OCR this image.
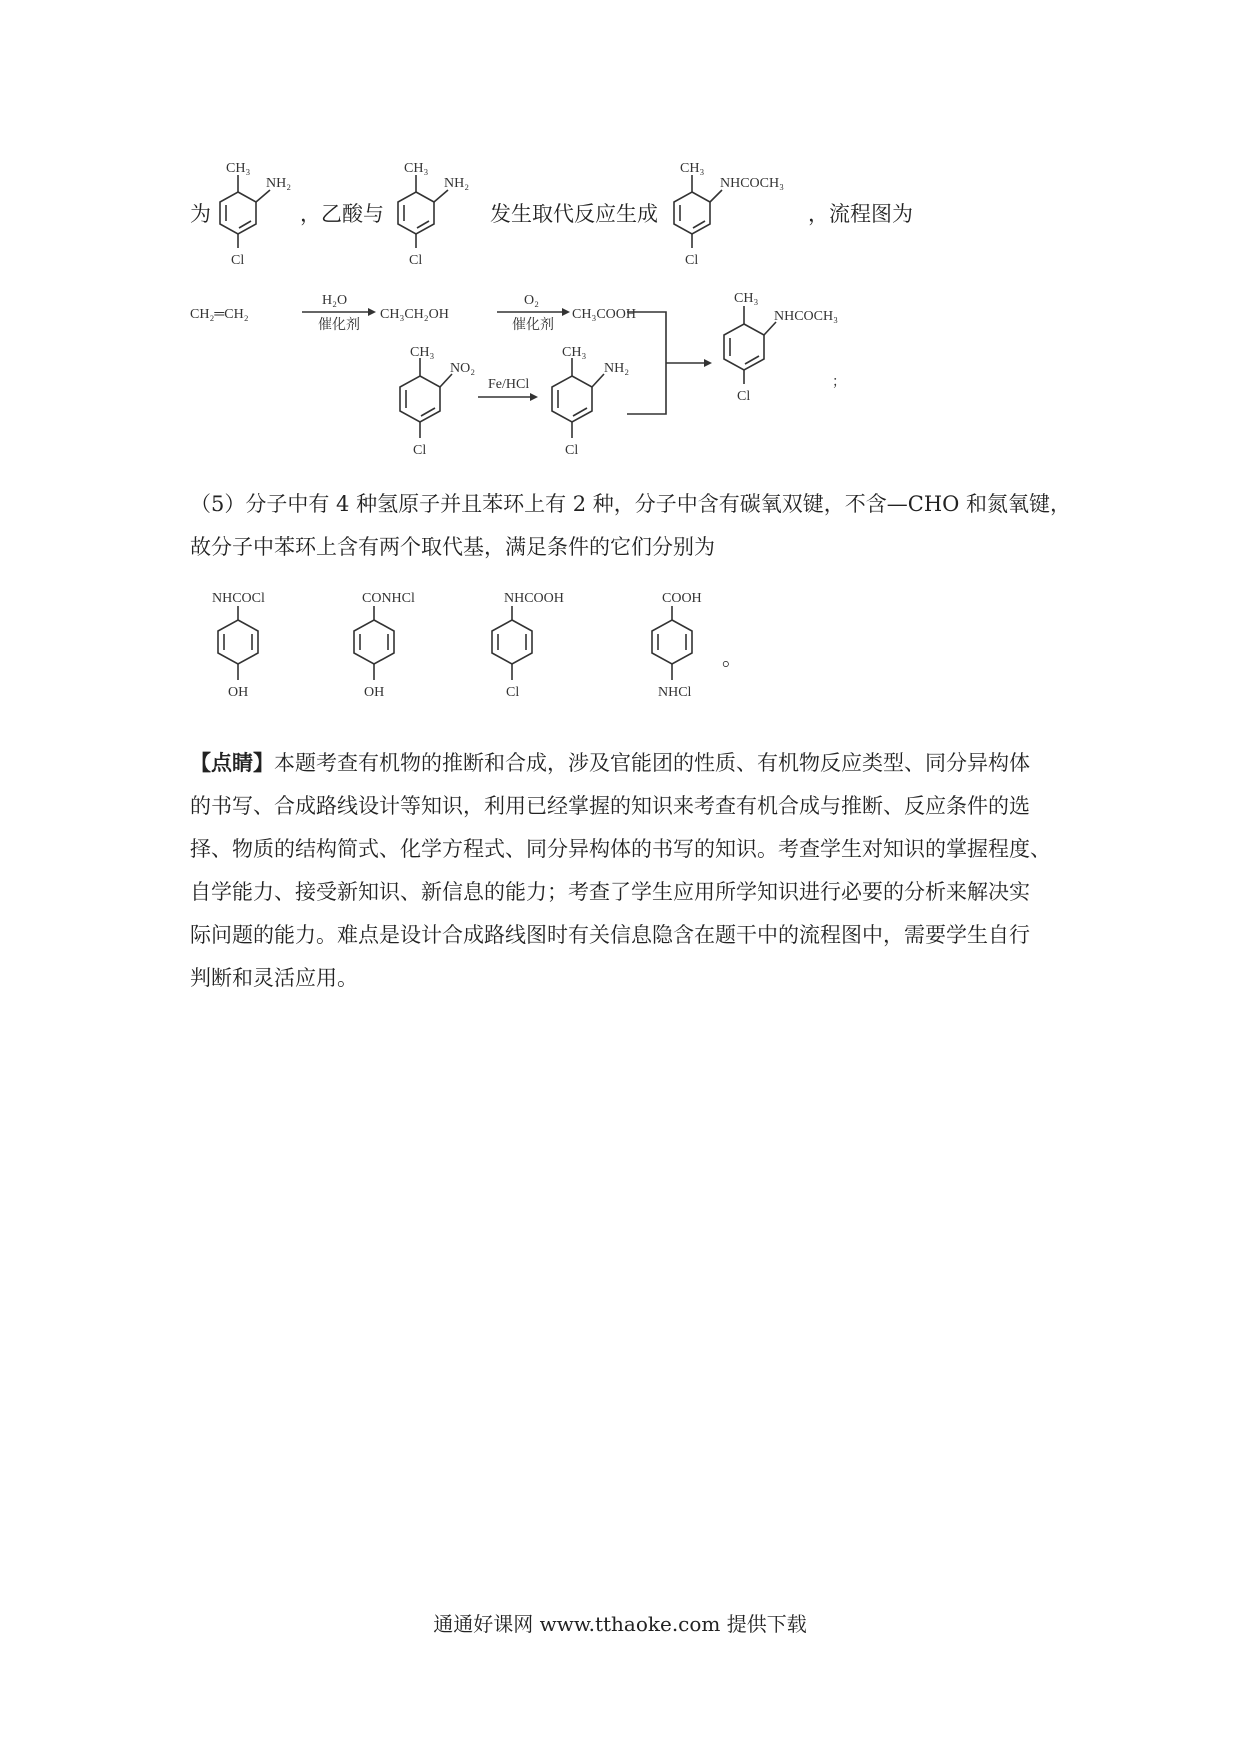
为
CH₃
NH₂
Cl
，乙酸与
CH₃
NH₂
Cl
发生取代反应生成
CH₃
NHCOCH₃
Cl
，流程图为
CH₂═CH₂
H₂O
催化剂
CH₃CH₂OH
O₂
催化剂
CH₃COOH
CH₃
NO₂
Cl
Fe/HCl
CH₃
NH₂
Cl
CH₃
NHCOCH₃
Cl
；

（5）分子中有 4 种氢原子并且苯环上有 2 种，分子中含有碳氧双键，不含—CHO 和氮氧键，

故分子中苯环上含有两个取代基，满足条件的它们分别为

NHCOCl
OH
CONHCl
OH
NHCOOH
Cl
COOH
NHCl
。

【点睛】本题考查有机物的推断和合成，涉及官能团的性质、有机物反应类型、同分异构体

的书写、合成路线设计等知识，利用已经掌握的知识来考查有机合成与推断、反应条件的选

择、物质的结构简式、化学方程式、同分异构体的书写的知识。考查学生对知识的掌握程度、

自学能力、接受新知识、新信息的能力；考查了学生应用所学知识进行必要的分析来解决实

际问题的能力。难点是设计合成路线图时有关信息隐含在题干中的流程图中，需要学生自行

判断和灵活应用。

通通好课网 www.tthaoke.com 提供下载
